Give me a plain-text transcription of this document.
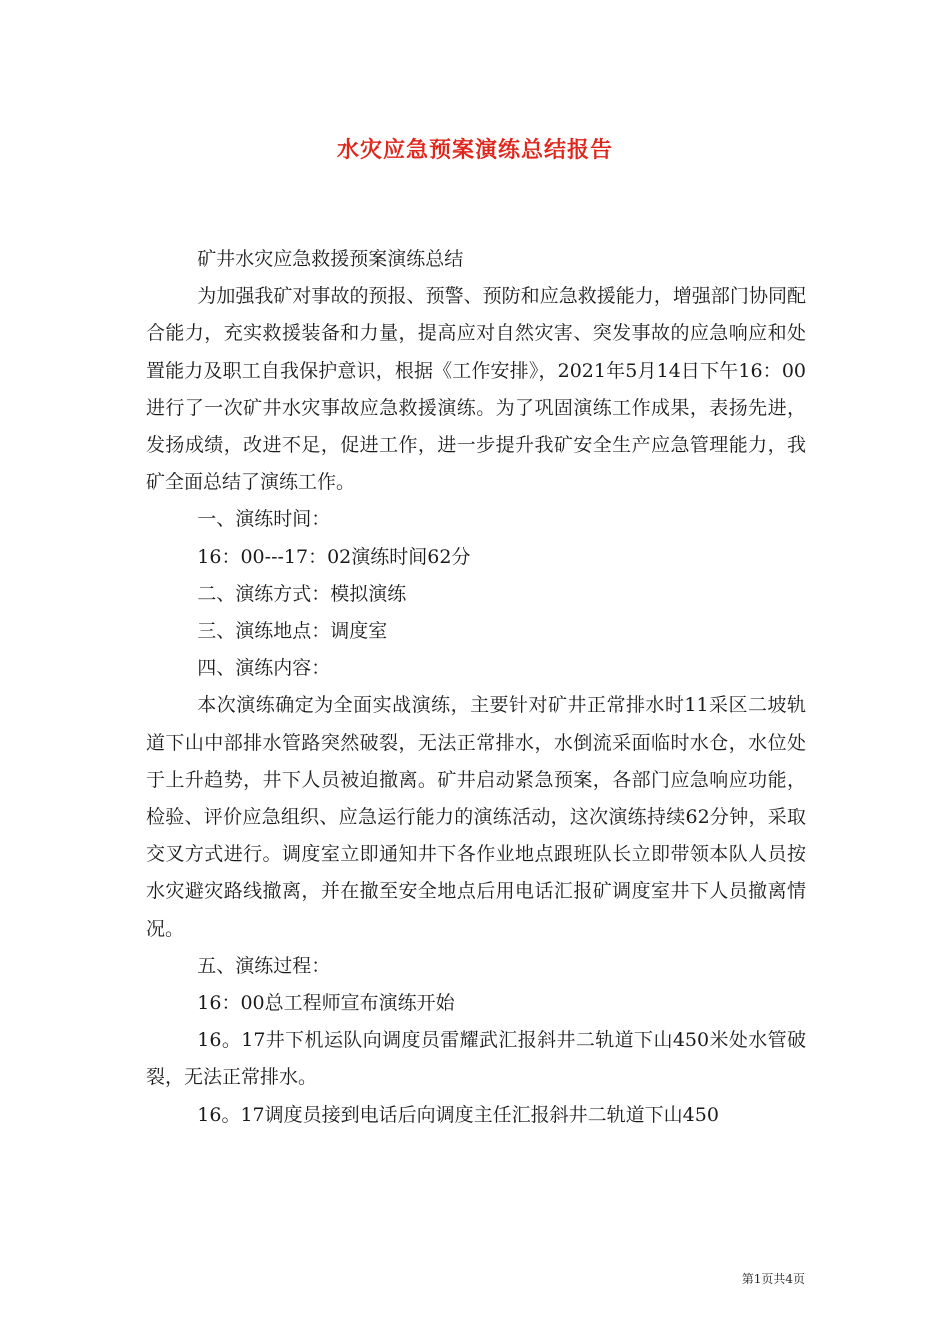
水灾应急预案演练总结报告

矿井水灾应急救援预案演练总结

为加强我矿对事故的预报、预警、预防和应急救援能力，增强部门协同配合能力，充实救援装备和力量，提高应对自然灾害、突发事故的应急响应和处置能力及职工自我保护意识，根据《工作安排》，2021年5月14日下午16：00进行了一次矿井水灾事故应急救援演练。为了巩固演练工作成果，表扬先进，发扬成绩，改进不足，促进工作，进一步提升我矿安全生产应急管理能力，我矿全面总结了演练工作。

一、演练时间：

16：00---17：02演练时间62分

二、演练方式：模拟演练

三、演练地点：调度室

四、演练内容：

本次演练确定为全面实战演练，主要针对矿井正常排水时11采区二坡轨道下山中部排水管路突然破裂，无法正常排水，水倒流采面临时水仓，水位处于上升趋势，井下人员被迫撤离。矿井启动紧急预案，各部门应急响应功能，检验、评价应急组织、应急运行能力的演练活动，这次演练持续62分钟，采取交叉方式进行。调度室立即通知井下各作业地点跟班队长立即带领本队人员按水灾避灾路线撤离，并在撤至安全地点后用电话汇报矿调度室井下人员撤离情况。

五、演练过程：

16：00总工程师宣布演练开始

16。17井下机运队向调度员雷耀武汇报斜井二轨道下山450米处水管破裂，无法正常排水。

16。17调度员接到电话后向调度主任汇报斜井二轨道下山450

第1页共4页
